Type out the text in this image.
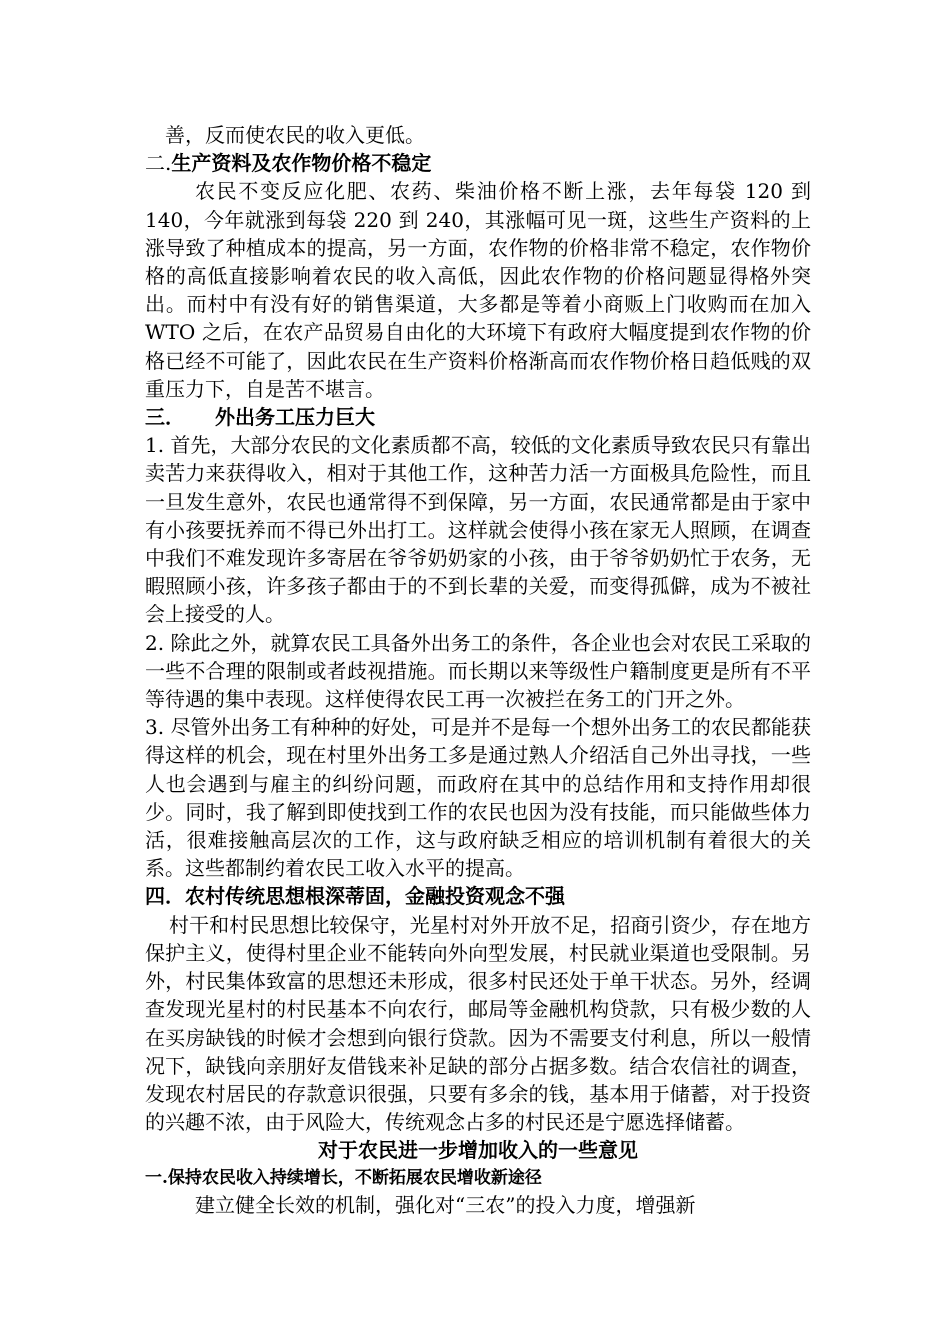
善，反而使农民的收入更低。

二.生产资料及农作物价格不稳定

农民不变反应化肥、农药、柴油价格不断上涨，去年每袋 120 到 140，今年就涨到每袋 220 到 240，其涨幅可见一斑，这些生产资料的上涨导致了种植成本的提高，另一方面，农作物的价格非常不稳定，农作物价格的高低直接影响着农民的收入高低，因此农作物的价格问题显得格外突出。而村中有没有好的销售渠道，大多都是等着小商贩上门收购而在加入 WTO 之后，在农产品贸易自由化的大环境下有政府大幅度提到农作物的价格已经不可能了，因此农民在生产资料价格渐高而农作物价格日趋低贱的双重压力下，自是苦不堪言。

三． 外出务工压力巨大

1. 首先，大部分农民的文化素质都不高，较低的文化素质导致农民只有靠出卖苦力来获得收入，相对于其他工作，这种苦力活一方面极具危险性，而且一旦发生意外，农民也通常得不到保障，另一方面，农民通常都是由于家中有小孩要抚养而不得已外出打工。这样就会使得小孩在家无人照顾，在调查中我们不难发现许多寄居在爷爷奶奶家的小孩，由于爷爷奶奶忙于农务，无暇照顾小孩，许多孩子都由于的不到长辈的关爱，而变得孤僻，成为不被社会上接受的人。

2. 除此之外，就算农民工具备外出务工的条件，各企业也会对农民工采取的一些不合理的限制或者歧视措施。而长期以来等级性户籍制度更是所有不平等待遇的集中表现。这样使得农民工再一次被拦在务工的门开之外。

3. 尽管外出务工有种种的好处，可是并不是每一个想外出务工的农民都能获得这样的机会，现在村里外出务工多是通过熟人介绍活自己外出寻找，一些人也会遇到与雇主的纠纷问题，而政府在其中的总结作用和支持作用却很少。同时，我了解到即使找到工作的农民也因为没有技能，而只能做些体力活，很难接触高层次的工作，这与政府缺乏相应的培训机制有着很大的关系。这些都制约着农民工收入水平的提高。

四．农村传统思想根深蒂固，金融投资观念不强

村干和村民思想比较保守，光星村对外开放不足，招商引资少，存在地方保护主义，使得村里企业不能转向外向型发展，村民就业渠道也受限制。另外，村民集体致富的思想还未形成，很多村民还处于单干状态。另外，经调查发现光星村的村民基本不向农行，邮局等金融机构贷款，只有极少数的人在买房缺钱的时候才会想到向银行贷款。因为不需要支付利息，所以一般情况下，缺钱向亲朋好友借钱来补足缺的部分占据多数。结合农信社的调查，发现农村居民的存款意识很强，只要有多余的钱，基本用于储蓄，对于投资的兴趣不浓，由于风险大，传统观念占多的村民还是宁愿选择储蓄。

对于农民进一步增加收入的一些意见
一.保持农民收入持续增长，不断拓展农民增收新途径

建立健全长效的机制，强化对“三农”的投入力度，增强新
